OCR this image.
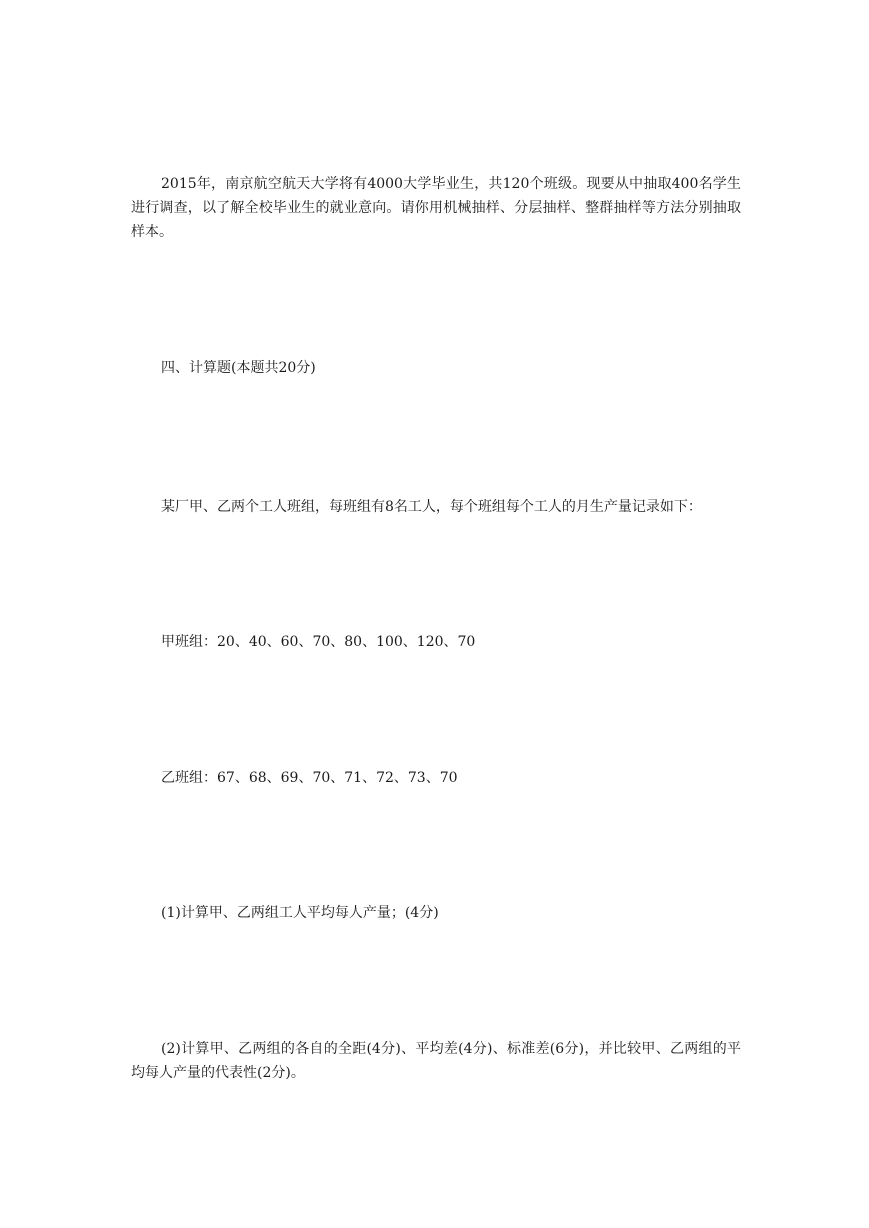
2015年，南京航空航天大学将有4000大学毕业生，共120个班级。现要从中抽取400名学生进行调查，以了解全校毕业生的就业意向。请你用机械抽样、分层抽样、整群抽样等方法分别抽取样本。

四、计算题(本题共20分)

某厂甲、乙两个工人班组，每班组有8名工人，每个班组每个工人的月生产量记录如下：

甲班组：20、40、60、70、80、100、120、70

乙班组：67、68、69、70、71、72、73、70

(1)计算甲、乙两组工人平均每人产量；(4分)

(2)计算甲、乙两组的各自的全距(4分)、平均差(4分)、标准差(6分)，并比较甲、乙两组的平均每人产量的代表性(2分)。
